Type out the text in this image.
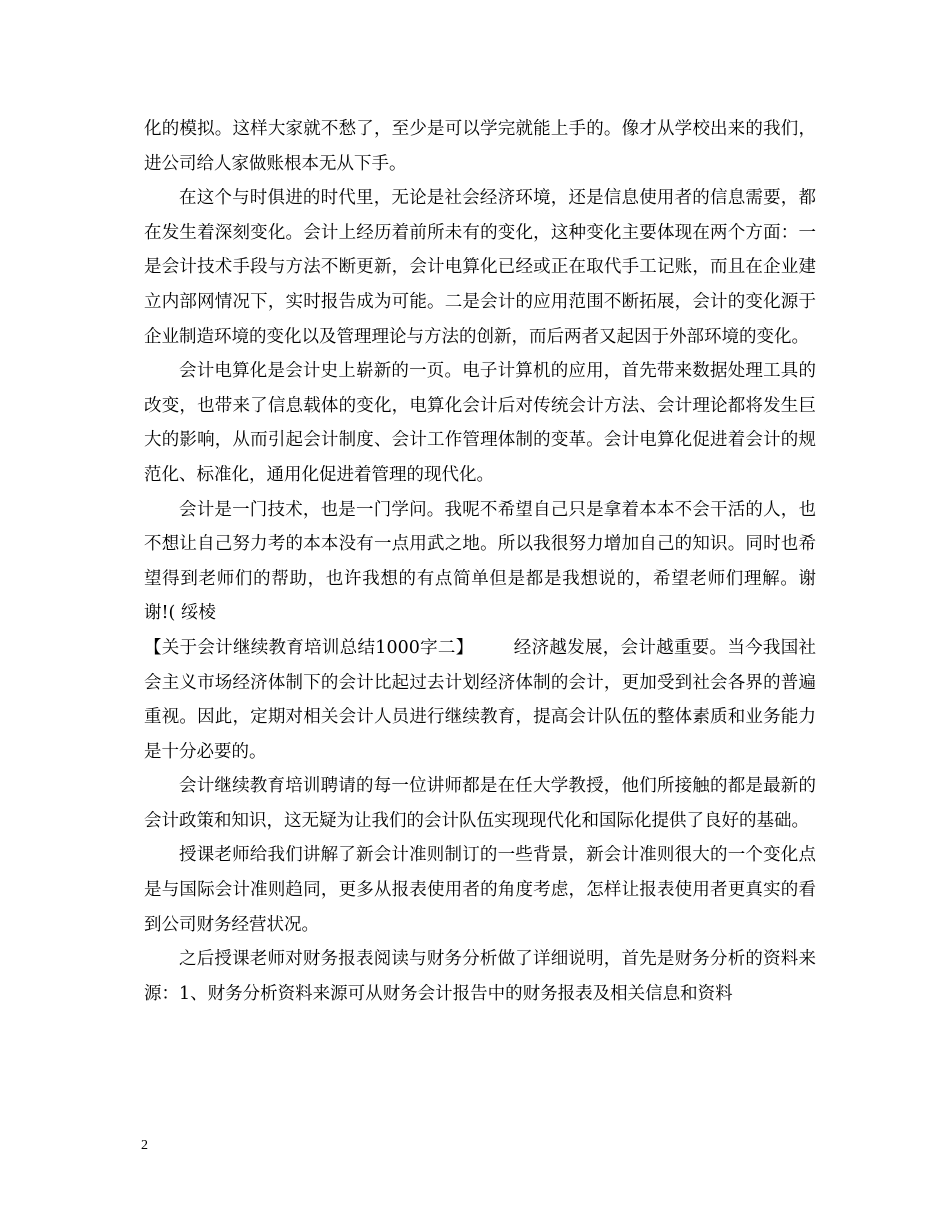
化的模拟。这样大家就不愁了，至少是可以学完就能上手的。像才从学校出来的我们，进公司给人家做账根本无从下手。

在这个与时俱进的时代里，无论是社会经济环境，还是信息使用者的信息需要，都在发生着深刻变化。会计上经历着前所未有的变化，这种变化主要体现在两个方面：一是会计技术手段与方法不断更新，会计电算化已经或正在取代手工记账，而且在企业建立内部网情况下，实时报告成为可能。二是会计的应用范围不断拓展，会计的变化源于企业制造环境的变化以及管理理论与方法的创新，而后两者又起因于外部环境的变化。

会计电算化是会计史上崭新的一页。电子计算机的应用，首先带来数据处理工具的改变，也带来了信息载体的变化，电算化会计后对传统会计方法、会计理论都将发生巨大的影响，从而引起会计制度、会计工作管理体制的变革。会计电算化促进着会计的规范化、标准化，通用化促进着管理的现代化。

会计是一门技术，也是一门学问。我呢不希望自己只是拿着本本不会干活的人，也不想让自己努力考的本本没有一点用武之地。所以我很努力增加自己的知识。同时也希望得到老师们的帮助，也许我想的有点简单但是都是我想说的，希望老师们理解。谢谢!( 绥棱

【关于会计继续教育培训总结1000字二】 经济越发展，会计越重要。当今我国社会主义市场经济体制下的会计比起过去计划经济体制的会计，更加受到社会各界的普遍重视。因此，定期对相关会计人员进行继续教育，提高会计队伍的整体素质和业务能力是十分必要的。

会计继续教育培训聘请的每一位讲师都是在任大学教授，他们所接触的都是最新的会计政策和知识，这无疑为让我们的会计队伍实现现代化和国际化提供了良好的基础。

授课老师给我们讲解了新会计准则制订的一些背景，新会计准则很大的一个变化点是与国际会计准则趋同，更多从报表使用者的角度考虑，怎样让报表使用者更真实的看到公司财务经营状况。

之后授课老师对财务报表阅读与财务分析做了详细说明，首先是财务分析的资料来源：1、财务分析资料来源可从财务会计报告中的财务报表及相关信息和资料

2
